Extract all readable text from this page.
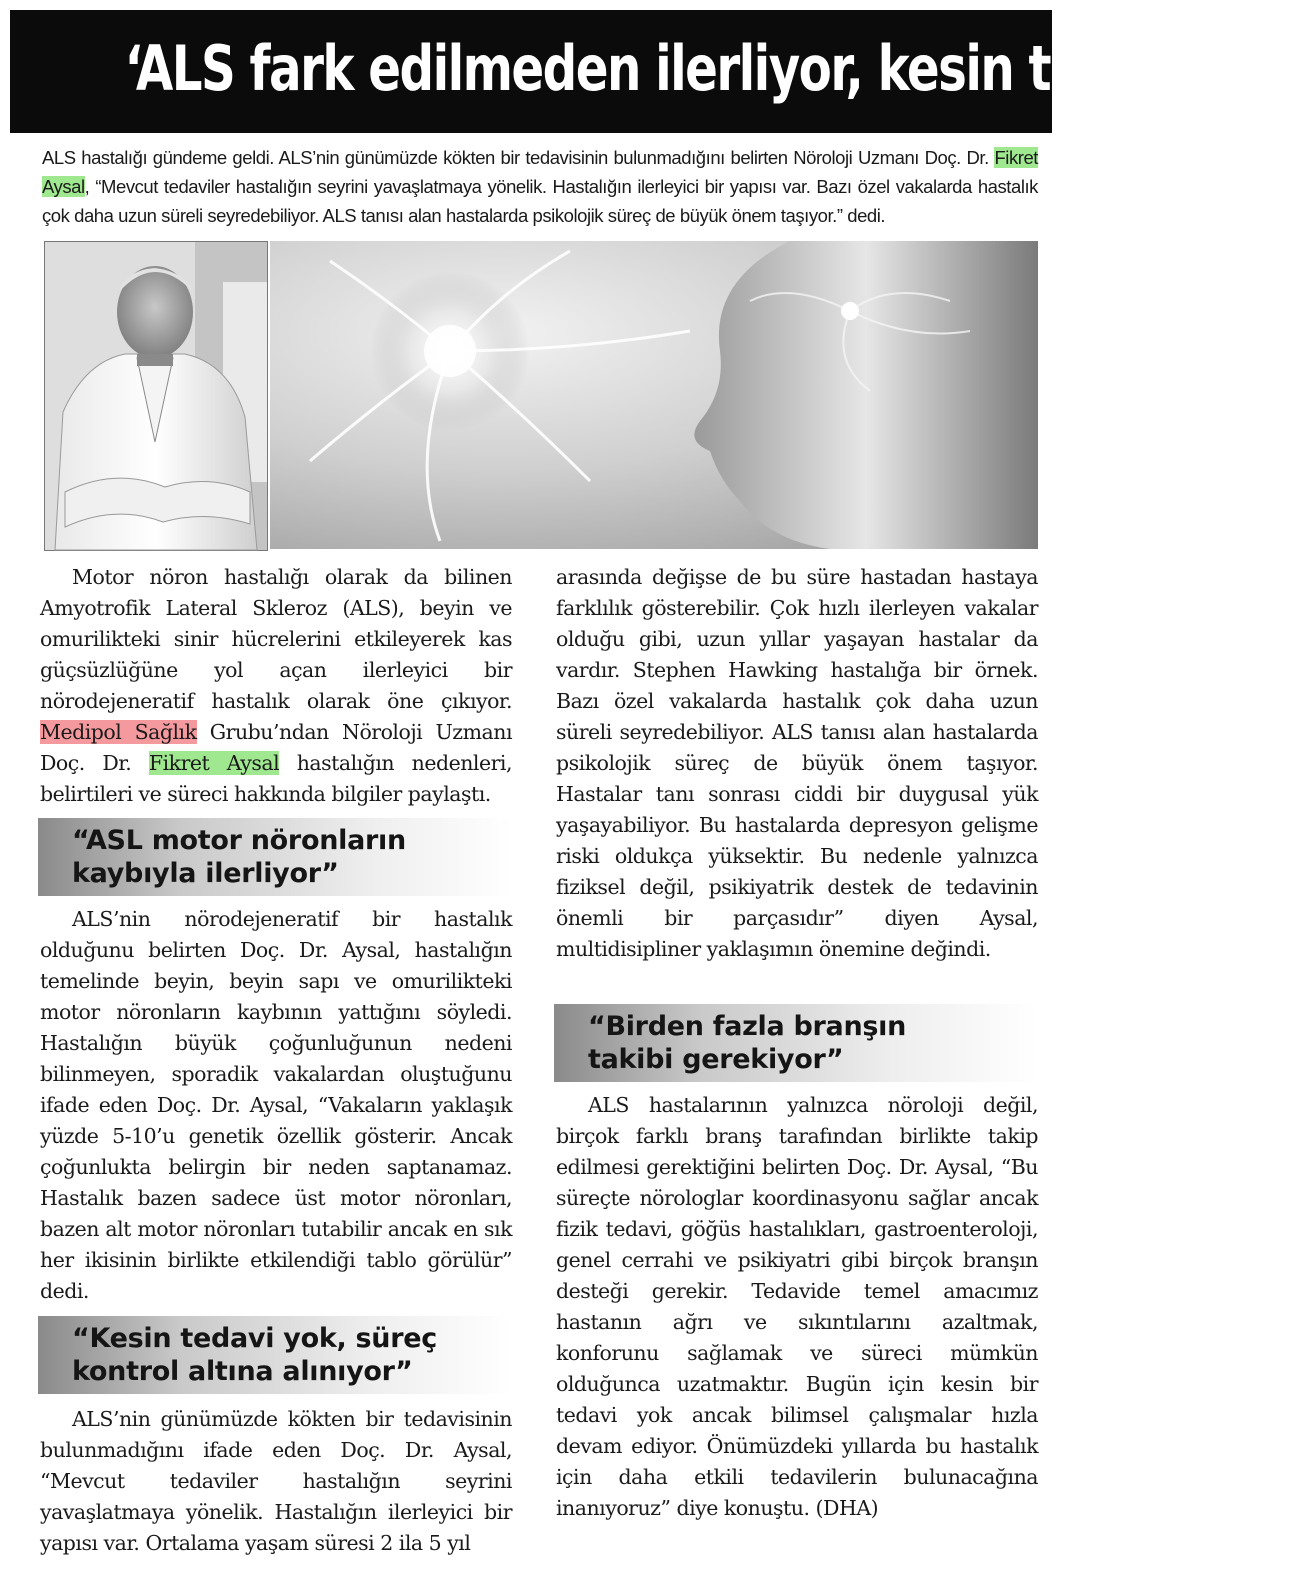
‘ALS fark edilmeden ilerliyor, kesin tedavi yok’
ALS hastalığı gündeme geldi. ALS’nin günümüzde kökten bir tedavisinin bulunmadığını belirten Nöroloji Uzmanı Doç. Dr. Fikret Aysal, “Mevcut tedaviler hastalığın seyrini yavaşlatmaya yönelik. Hastalığın ilerleyici bir yapısı var. Bazı özel vakalarda hastalık çok daha uzun süreli seyredebiliyor. ALS tanısı alan hastalarda psikolojik süreç de büyük önem taşıyor.” dedi.

Motor nöron hastalığı olarak da bilinen Amyotrofik Lateral Skleroz (ALS), beyin ve omurilikteki sinir hücrelerini etkileyerek kas güçsüzlüğüne yol açan ilerleyici bir nörodejeneratif hastalık olarak öne çıkıyor. Medipol Sağlık Grubu’ndan Nöroloji Uzmanı Doç. Dr. Fikret Aysal hastalığın nedenleri, belirtileri ve süreci hakkında bilgiler paylaştı.

“ASL motor nöronların
kaybıyla ilerliyor”

ALS’nin nörodejeneratif bir hastalık olduğunu belirten Doç. Dr. Aysal, hastalığın temelinde beyin, beyin sapı ve omurilikteki motor nöronların kaybının yattığını söyledi. Hastalığın büyük çoğunluğunun nedeni bilinmeyen, sporadik vakalardan oluştuğunu ifade eden Doç. Dr. Aysal, “Vakaların yaklaşık yüzde 5-10’u genetik özellik gösterir. Ancak çoğunlukta belirgin bir neden saptanamaz. Hastalık bazen sadece üst motor nöronları, bazen alt motor nöronları tutabilir ancak en sık her ikisinin birlikte etkilendiği tablo görülür” dedi.

“Kesin tedavi yok, süreç
kontrol altına alınıyor”

ALS’nin günümüzde kökten bir tedavisinin bulunmadığını ifade eden Doç. Dr. Aysal, “Mevcut tedaviler hastalığın seyrini yavaşlatmaya yönelik. Hastalığın ilerleyici bir yapısı var. Ortalama yaşam süresi 2 ila 5 yıl

arasında değişse de bu süre hastadan hastaya farklılık gösterebilir. Çok hızlı ilerleyen vakalar olduğu gibi, uzun yıllar yaşayan hastalar da vardır. Stephen Hawking hastalığa bir örnek. Bazı özel vakalarda hastalık çok daha uzun süreli seyredebiliyor. ALS tanısı alan hastalarda psikolojik süreç de büyük önem taşıyor. Hastalar tanı sonrası ciddi bir duygusal yük yaşayabiliyor. Bu hastalarda depresyon gelişme riski oldukça yüksektir. Bu nedenle yalnızca fiziksel değil, psikiyatrik destek de tedavinin önemli bir parçasıdır” diyen Aysal, multidisipliner yaklaşımın önemine değindi.

“Birden fazla branşın
takibi gerekiyor”

ALS hastalarının yalnızca nöroloji değil, birçok farklı branş tarafından birlikte takip edilmesi gerektiğini belirten Doç. Dr. Aysal, “Bu süreçte nörologlar koordinasyonu sağlar ancak fizik tedavi, göğüs hastalıkları, gastroenteroloji, genel cerrahi ve psikiyatri gibi birçok branşın desteği gerekir. Tedavide temel amacımız hastanın ağrı ve sıkıntılarını azaltmak, konforunu sağlamak ve süreci mümkün olduğunca uzatmaktır. Bugün için kesin bir tedavi yok ancak bilimsel çalışmalar hızla devam ediyor. Önümüzdeki yıllarda bu hastalık için daha etkili tedavilerin bulunacağına inanıyoruz” diye konuştu. (DHA)
